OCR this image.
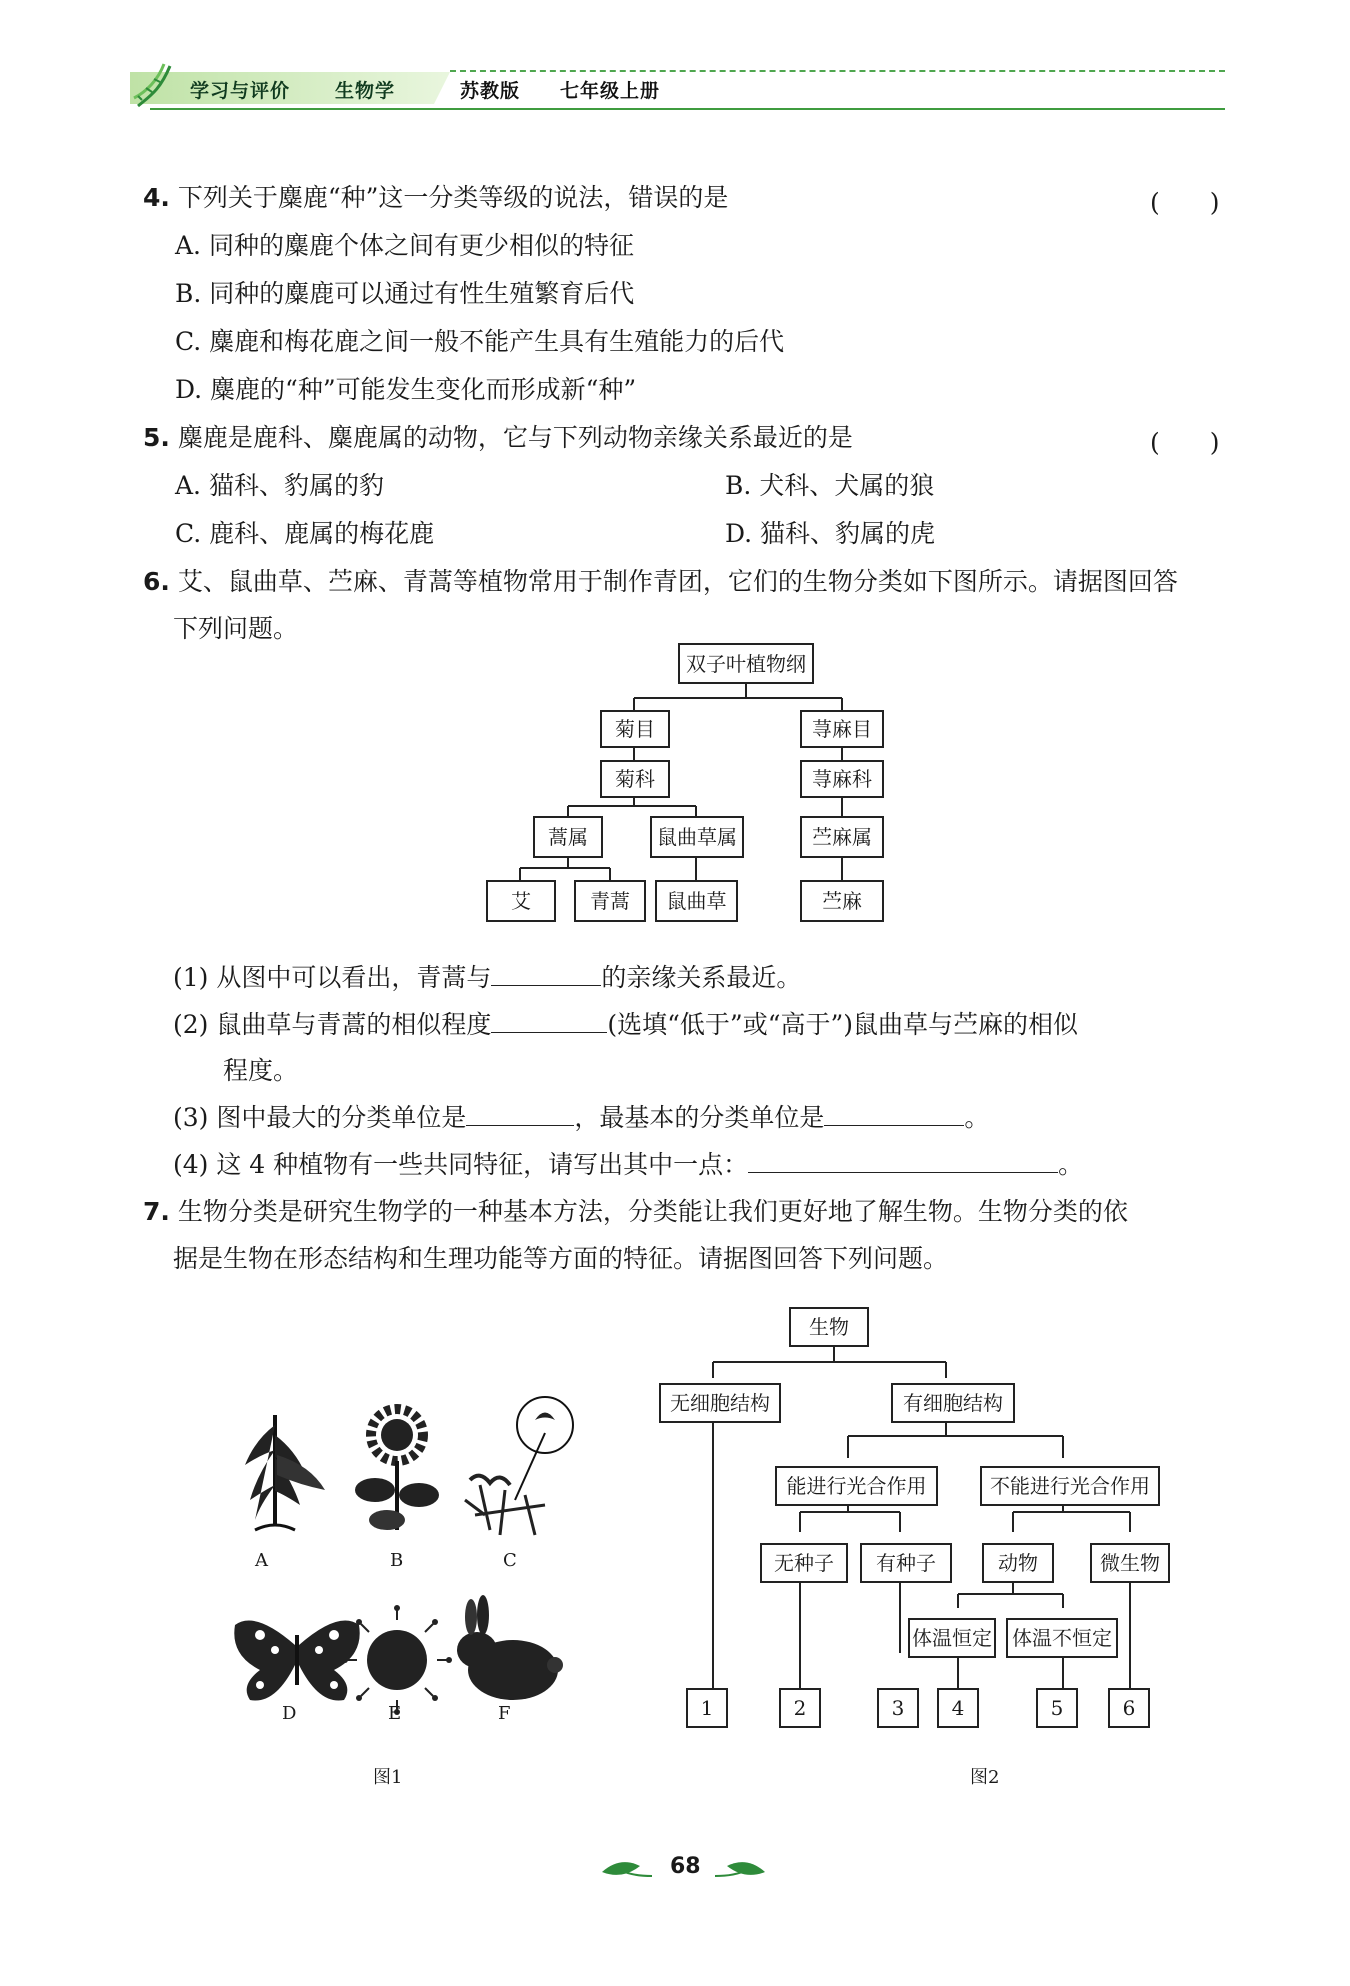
学习与评价 生物学	苏教版 七年级上册
4. 下列关于麋鹿“种”这一分类等级的说法，错误的是	(　　)
A. 同种的麋鹿个体之间有更少相似的特征
B. 同种的麋鹿可以通过有性生殖繁育后代
C. 麋鹿和梅花鹿之间一般不能产生具有生殖能力的后代
D. 麋鹿的“种”可能发生变化而形成新“种”
5. 麋鹿是鹿科、麋鹿属的动物，它与下列动物亲缘关系最近的是	(　　)
A. 猫科、豹属的豹	B. 犬科、犬属的狼
C. 鹿科、鹿属的梅花鹿	D. 猫科、豹属的虎
6. 艾、鼠曲草、苎麻、青蒿等植物常用于制作青团，它们的生物分类如下图所示。请据图回答
下列问题。
双子叶植物纲
菊目	荨麻目
菊科	荨麻科
蒿属	鼠曲草属	苎麻属
艾	青蒿	鼠曲草	苎麻
(1) 从图中可以看出，青蒿与	的亲缘关系最近。
(2) 鼠曲草与青蒿的相似程度	(选填“低于”或“高于”)鼠曲草与苎麻的相似
程度。
(3) 图中最大的分类单位是	，最基本的分类单位是	。
(4) 这 4 种植物有一些共同特征，请写出其中一点：	。
7. 生物分类是研究生物学的一种基本方法，分类能让我们更好地了解生物。生物分类的依
据是生物在形态结构和生理功能等方面的特征。请据图回答下列问题。
A	B	C
D	E	F
图1
生物
无细胞结构	有细胞结构
能进行光合作用	不能进行光合作用
无种子	有种子	动物	微生物
体温恒定	体温不恒定
1	2	3	4	5	6
图2
68
